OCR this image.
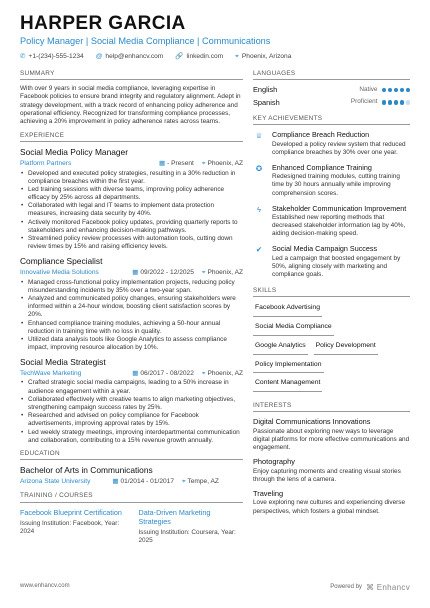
HARPER GARCIA
Policy Manager | Social Media Compliance | Communications
✆ +1-(234)-555-1234 @ help@enhancv.com 🔗 linkedin.com ⌖ Phoenix, Arizona
SUMMARY
With over 9 years in social media compliance, leveraging expertise in Facebook policies to ensure brand integrity and regulatory alignment. Adept in strategy development, with a track record of enhancing policy adherence and operational efficiency. Recognized for transforming compliance processes, achieving a 20% improvement in policy adherence rates across teams.
EXPERIENCE
Social Media Policy Manager
Platform Partners	▦ - Present ⌖ Phoenix, AZ
• Developed and executed policy strategies, resulting in a 30% reduction in compliance breaches within the first year.
• Led training sessions with diverse teams, improving policy adherence efficacy by 25% across all departments.
• Collaborated with legal and IT teams to implement data protection measures, increasing data security by 40%.
• Actively monitored Facebook policy updates, providing quarterly reports to stakeholders and enhancing decision-making pathways.
• Streamlined policy review processes with automation tools, cutting down review times by 15% and raising efficiency levels.
Compliance Specialist
Innovative Media Solutions	▦ 09/2022 - 12/2025 ⌖ Phoenix, AZ
• Managed cross-functional policy implementation projects, reducing policy misunderstanding incidents by 35% over a two-year span.
• Analyzed and communicated policy changes, ensuring stakeholders were informed within a 24-hour window, boosting client satisfaction scores by 20%.
• Enhanced compliance training modules, achieving a 50-hour annual reduction in training time with no loss in quality.
• Utilized data analysis tools like Google Analytics to assess compliance impact, improving resource allocation by 10%.
Social Media Strategist
TechWave Marketing	▦ 06/2017 - 08/2022 ⌖ Phoenix, AZ
• Crafted strategic social media campaigns, leading to a 50% increase in audience engagement within a year.
• Collaborated effectively with creative teams to align marketing objectives, strengthening campaign success rates by 25%.
• Researched and advised on policy compliance for Facebook advertisements, improving approval rates by 15%.
• Led weekly strategy meetings, improving interdepartmental communication and collaboration, contributing to a 15% revenue growth annually.
EDUCATION
Bachelor of Arts in Communications
Arizona State University	▦ 01/2014 - 01/2017 ⌖ Tempe, AZ
TRAINING / COURSES
Facebook Blueprint Certification
Issuing Institution: Facebook, Year: 2024
Data-Driven Marketing Strategies
Issuing Institution: Coursera, Year: 2025
LANGUAGES
English	Native
Spanish	Proficient
KEY ACHIEVEMENTS
♕	Compliance Breach Reduction
Developed a policy review system that reduced compliance breaches by 30% over one year.
✪	Enhanced Compliance Training
Redesigned training modules, cutting training time by 30 hours annually while improving comprehension scores.
ϟ	Stakeholder Communication Improvement
Established new reporting methods that decreased stakeholder information lag by 40%, aiding decision-making speed.
✔	Social Media Campaign Success
Led a campaign that boosted engagement by 50%, aligning closely with marketing and compliance goals.
SKILLS
Facebook Advertising
Social Media Compliance
Google Analytics Policy Development
Policy Implementation
Content Management
INTERESTS
Digital Communications Innovations
Passionate about exploring new ways to leverage digital platforms for more effective communications and engagement.
Photography
Enjoy capturing moments and creating visual stories through the lens of a camera.
Traveling
Love exploring new cultures and experiencing diverse perspectives, which fosters a global mindset.
www.enhancv.com	Powered by ⌘ Enhancv
